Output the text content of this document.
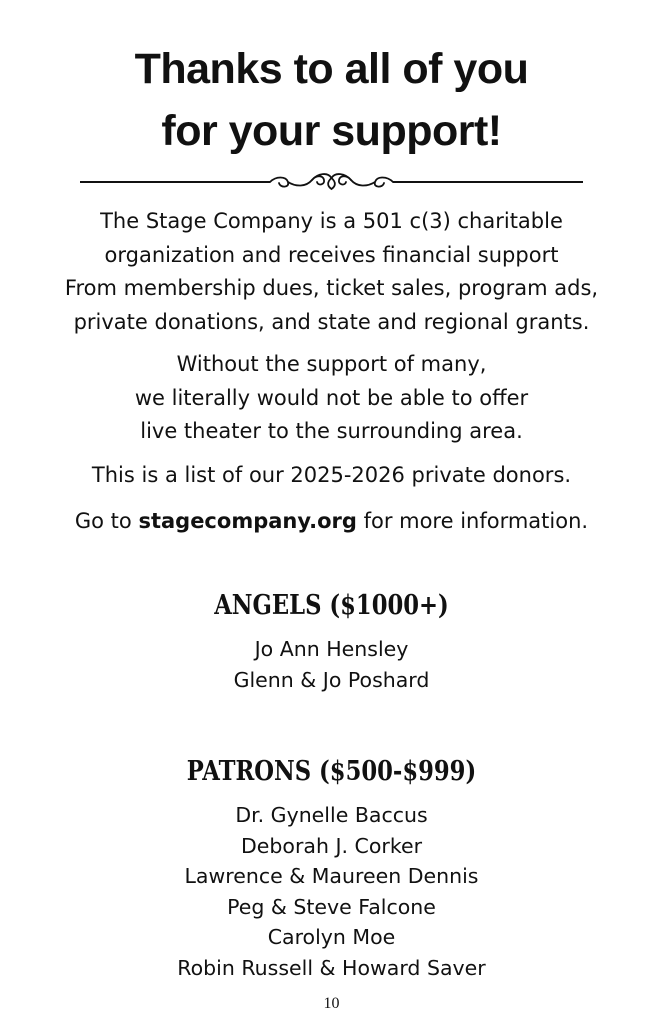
Thanks to all of you
for your support!

The Stage Company is a 501 c(3) charitable
organization and receives financial support
From membership dues, ticket sales, program ads,
private donations, and state and regional grants.

Without the support of many,
we literally would not be able to offer
live theater to the surrounding area.

This is a list of our 2025-2026 private donors.

Go to stagecompany.org for more information.

ANGELS ($1000+)
Jo Ann Hensley
Glenn & Jo Poshard
PATRONS ($500-$999)
Dr. Gynelle Baccus
Deborah J. Corker
Lawrence & Maureen Dennis
Peg & Steve Falcone
Carolyn Moe
Robin Russell & Howard Saver
10
